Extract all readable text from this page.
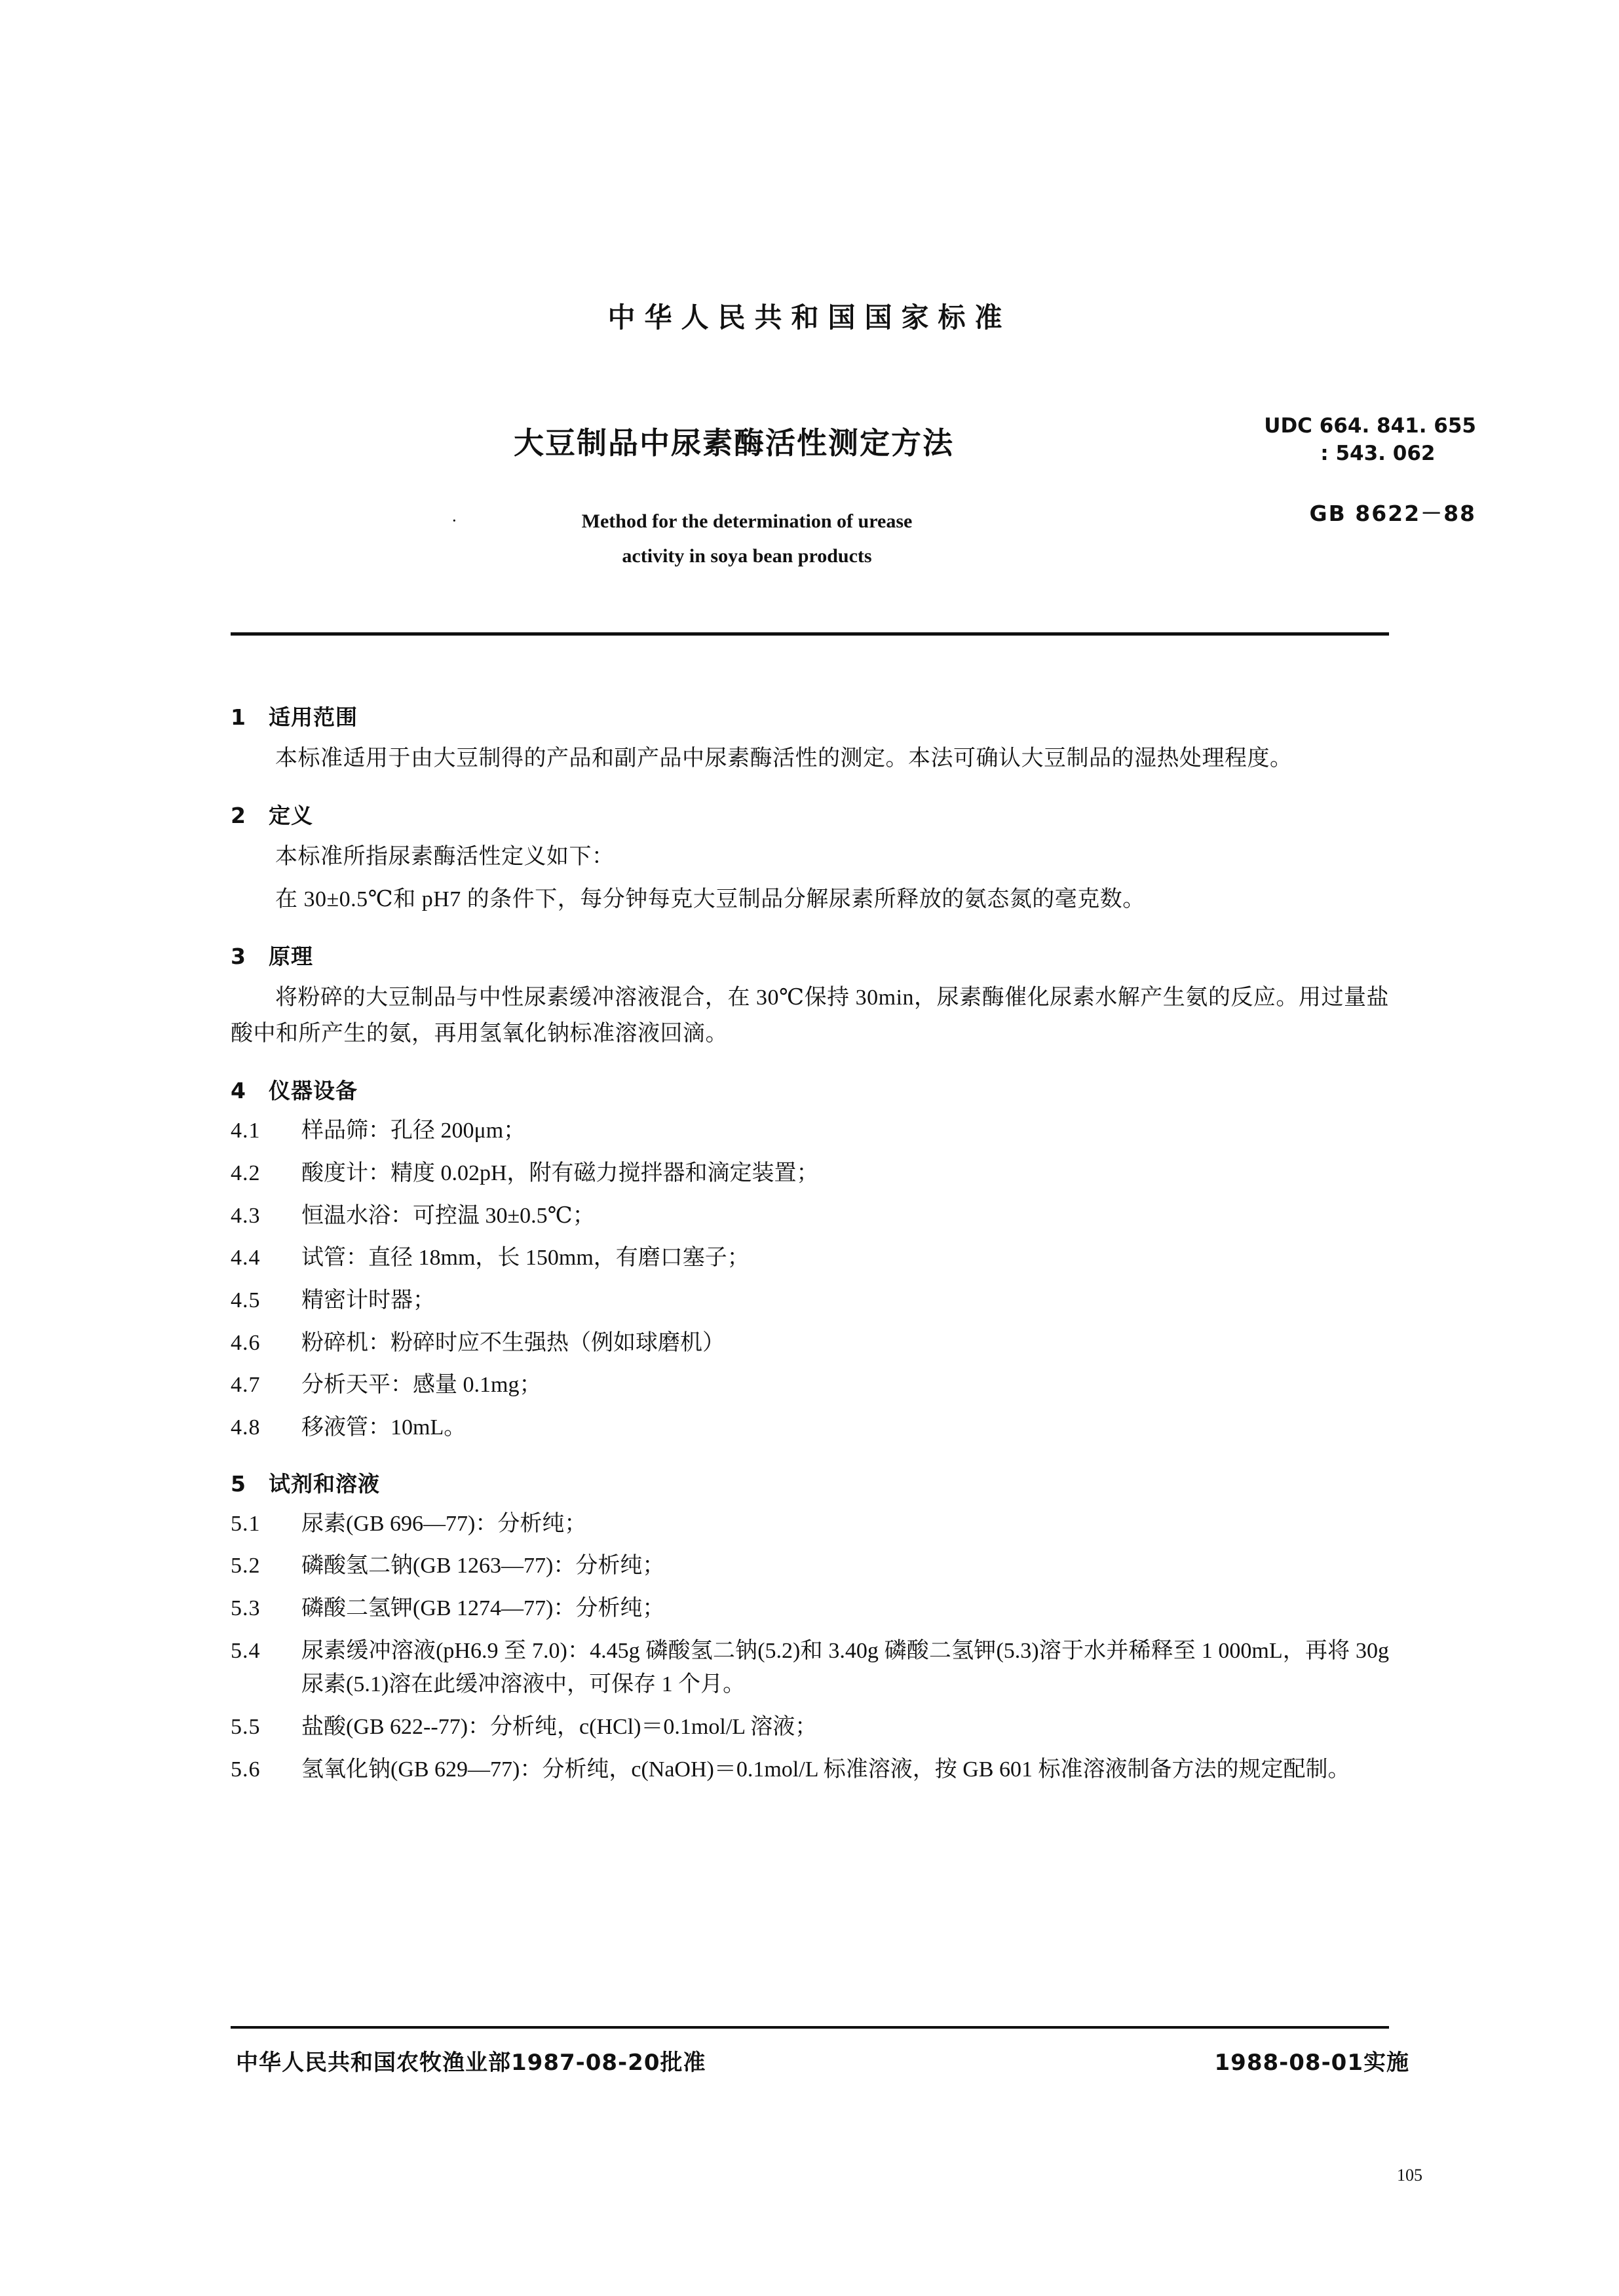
中华人民共和国国家标准
大豆制品中尿素酶活性测定方法
·	Method for the determination of urease
activity in soya bean products
UDC 664. 841. 655
: 543. 062
GB 8622－88
1 适用范围

本标准适用于由大豆制得的产品和副产品中尿素酶活性的测定。本法可确认大豆制品的湿热处理程度。

2 定义

本标准所指尿素酶活性定义如下：

在 30±0.5℃和 pH7 的条件下，每分钟每克大豆制品分解尿素所释放的氨态氮的毫克数。

3 原理

将粉碎的大豆制品与中性尿素缓冲溶液混合，在 30℃保持 30min，尿素酶催化尿素水解产生氨的反应。用过量盐酸中和所产生的氨，再用氢氧化钠标准溶液回滴。

4 仪器设备
4.1	样品筛：孔径 200μm；
4.2	酸度计：精度 0.02pH，附有磁力搅拌器和滴定装置；
4.3	恒温水浴：可控温 30±0.5℃；
4.4	试管：直径 18mm，长 150mm，有磨口塞子；
4.5	精密计时器；
4.6	粉碎机：粉碎时应不生强热（例如球磨机）
4.7	分析天平：感量 0.1mg；
4.8	移液管：10mL。
5 试剂和溶液
5.1	尿素(GB 696—77)：分析纯；
5.2	磷酸氢二钠(GB 1263—77)：分析纯；
5.3	磷酸二氢钾(GB 1274—77)：分析纯；
5.4	尿素缓冲溶液(pH6.9 至 7.0)：4.45g 磷酸氢二钠(5.2)和 3.40g 磷酸二氢钾(5.3)溶于水并稀释至 1 000mL，再将 30g 尿素(5.1)溶在此缓冲溶液中，可保存 1 个月。
5.5	盐酸(GB 622--77)：分析纯，c(HCl)＝0.1mol/L 溶液；
5.6	氢氧化钠(GB 629—77)：分析纯，c(NaOH)＝0.1mol/L 标准溶液，按 GB 601 标准溶液制备方法的规定配制。
中华人民共和国农牧渔业部1987-08-20批准	1988-08-01实施
105
